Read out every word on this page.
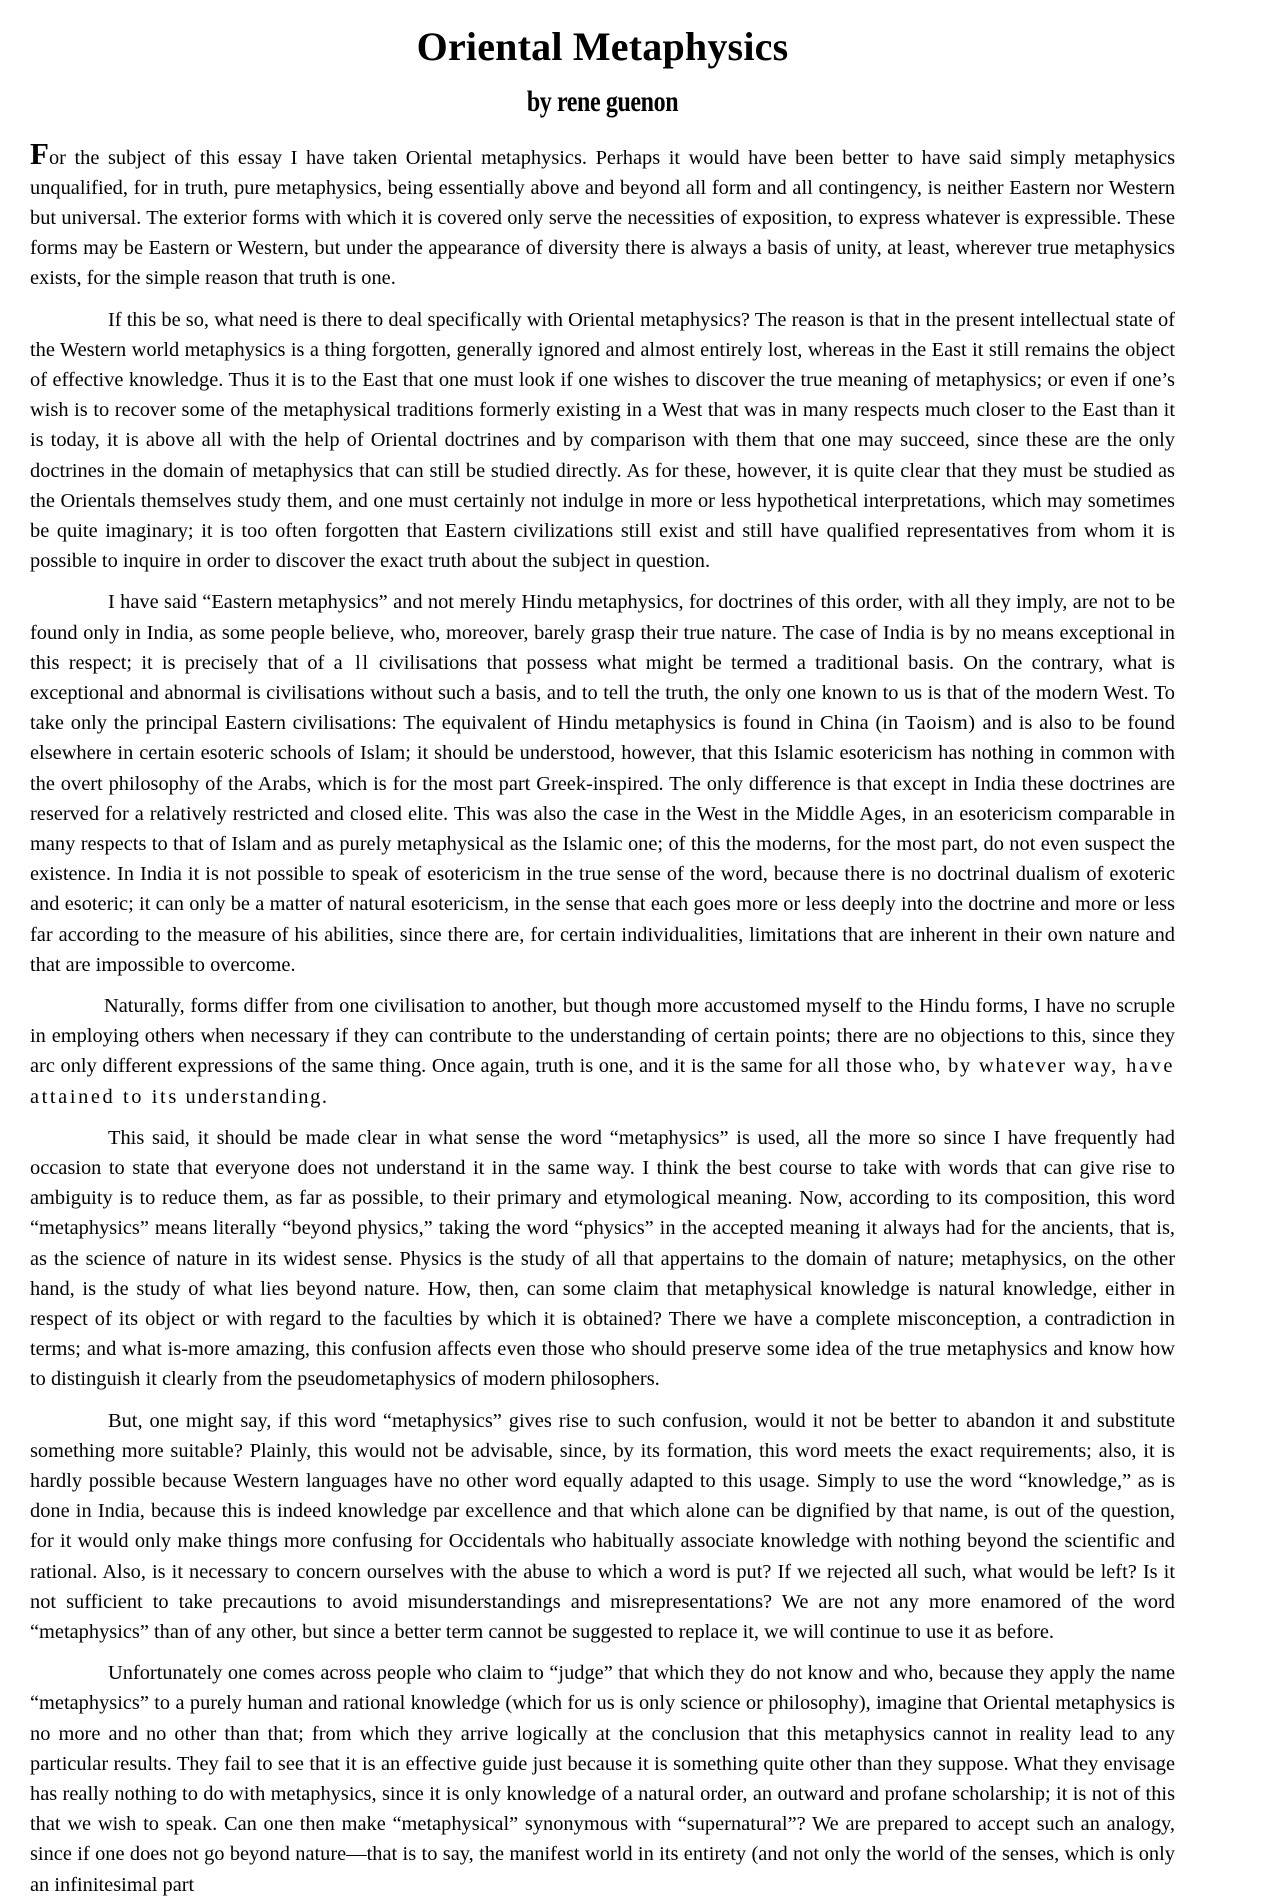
Oriental Metaphysics
by rene guenon

For the subject of this essay I have taken Oriental metaphysics. Perhaps it would have been better to have said simply metaphysics unqualified, for in truth, pure metaphysics, being essentially above and beyond all form and all contingency, is neither Eastern nor Western but universal. The exterior forms with which it is covered only serve the necessities of exposition, to express whatever is expressible. These forms may be Eastern or Western, but under the appearance of diversity there is always a basis of unity, at least, wherever true metaphysics exists, for the simple reason that truth is one.

If this be so, what need is there to deal specifically with Oriental metaphysics? The reason is that in the present intellectual state of the Western world metaphysics is a thing forgotten, generally ignored and almost entirely lost, whereas in the East it still remains the object of effective knowledge. Thus it is to the East that one must look if one wishes to discover the true meaning of metaphysics; or even if one’s wish is to recover some of the metaphysical traditions formerly existing in a West that was in many respects much closer to the East than it is today, it is above all with the help of Oriental doctrines and by comparison with them that one may succeed, since these are the only doctrines in the domain of metaphysics that can still be studied directly. As for these, however, it is quite clear that they must be studied as the Orientals themselves study them, and one must certainly not indulge in more or less hypothetical interpretations, which may sometimes be quite imaginary; it is too often forgotten that Eastern civilizations still exist and still have qualified representatives from whom it is possible to inquire in order to discover the exact truth about the subject in question.

I have said “Eastern metaphysics” and not merely Hindu metaphysics, for doctrines of this order, with all they imply, are not to be found only in India, as some people believe, who, moreover, barely grasp their true nature. The case of India is by no means exceptional in this respect; it is precisely that of a ll civilisations that possess what might be termed a traditional basis. On the contrary, what is exceptional and abnormal is civilisations without such a basis, and to tell the truth, the only one known to us is that of the modern West. To take only the principal Eastern civilisations: The equivalent of Hindu metaphysics is found in China (in Taoism) and is also to be found elsewhere in certain esoteric schools of Islam; it should be understood, however, that this Islamic esotericism has nothing in common with the overt philosophy of the Arabs, which is for the most part Greek-inspired. The only difference is that except in India these doctrines are reserved for a relatively restricted and closed elite. This was also the case in the West in the Middle Ages, in an esotericism comparable in many respects to that of Islam and as purely metaphysical as the Islamic one; of this the moderns, for the most part, do not even suspect the existence. In India it is not possible to speak of esotericism in the true sense of the word, because there is no doctrinal dualism of exoteric and esoteric; it can only be a matter of natural esotericism, in the sense that each goes more or less deeply into the doctrine and more or less far according to the measure of his abilities, since there are, for certain individualities, limitations that are inherent in their own nature and that are impossible to overcome.

Naturally, forms differ from one civilisation to another, but though more accustomed myself to the Hindu forms, I have no scruple in employing others when necessary if they can contribute to the understanding of certain points; there are no objections to this, since they arc only different expressions of the same thing. Once again, truth is one, and it is the same for all those who, by whatever way, have attained to its understanding.

This said, it should be made clear in what sense the word “metaphysics” is used, all the more so since I have frequently had occasion to state that everyone does not understand it in the same way. I think the best course to take with words that can give rise to ambiguity is to reduce them, as far as possible, to their primary and etymological meaning. Now, according to its composition, this word “metaphysics” means literally “beyond physics,” taking the word “physics” in the accepted meaning it always had for the ancients, that is, as the science of nature in its widest sense. Physics is the study of all that appertains to the domain of nature; metaphysics, on the other hand, is the study of what lies beyond nature. How, then, can some claim that metaphysical knowledge is natural knowledge, either in respect of its object or with regard to the faculties by which it is obtained? There we have a complete misconception, a contradiction in terms; and what is-more amazing, this confusion affects even those who should preserve some idea of the true metaphysics and know how to distinguish it clearly from the pseudometaphysics of modern philosophers.

But, one might say, if this word “metaphysics” gives rise to such confusion, would it not be better to abandon it and substitute something more suitable? Plainly, this would not be advisable, since, by its formation, this word meets the exact requirements; also, it is hardly possible because Western languages have no other word equally adapted to this usage. Simply to use the word “knowledge,” as is done in India, because this is indeed knowledge par excellence and that which alone can be dignified by that name, is out of the question, for it would only make things more confusing for Occidentals who habitually associate knowledge with nothing beyond the scientific and rational. Also, is it necessary to concern ourselves with the abuse to which a word is put? If we rejected all such, what would be left? Is it not sufficient to take precautions to avoid misunderstandings and misrepresentations? We are not any more enamored of the word “metaphysics” than of any other, but since a better term cannot be suggested to replace it, we will continue to use it as before.

Unfortunately one comes across people who claim to “judge” that which they do not know and who, because they apply the name “metaphysics” to a purely human and rational knowledge (which for us is only science or philosophy), imagine that Oriental metaphysics is no more and no other than that; from which they arrive logically at the conclusion that this metaphysics cannot in reality lead to any particular results. They fail to see that it is an effective guide just because it is something quite other than they suppose. What they envisage has really nothing to do with metaphysics, since it is only knowledge of a natural order, an outward and profane scholarship; it is not of this that we wish to speak. Can one then make “metaphysical” synonymous with “supernatural”? We are prepared to accept such an analogy, since if one does not go beyond nature—that is to say, the manifest world in its entirety (and not only the world of the senses, which is only an infinitesimal part
